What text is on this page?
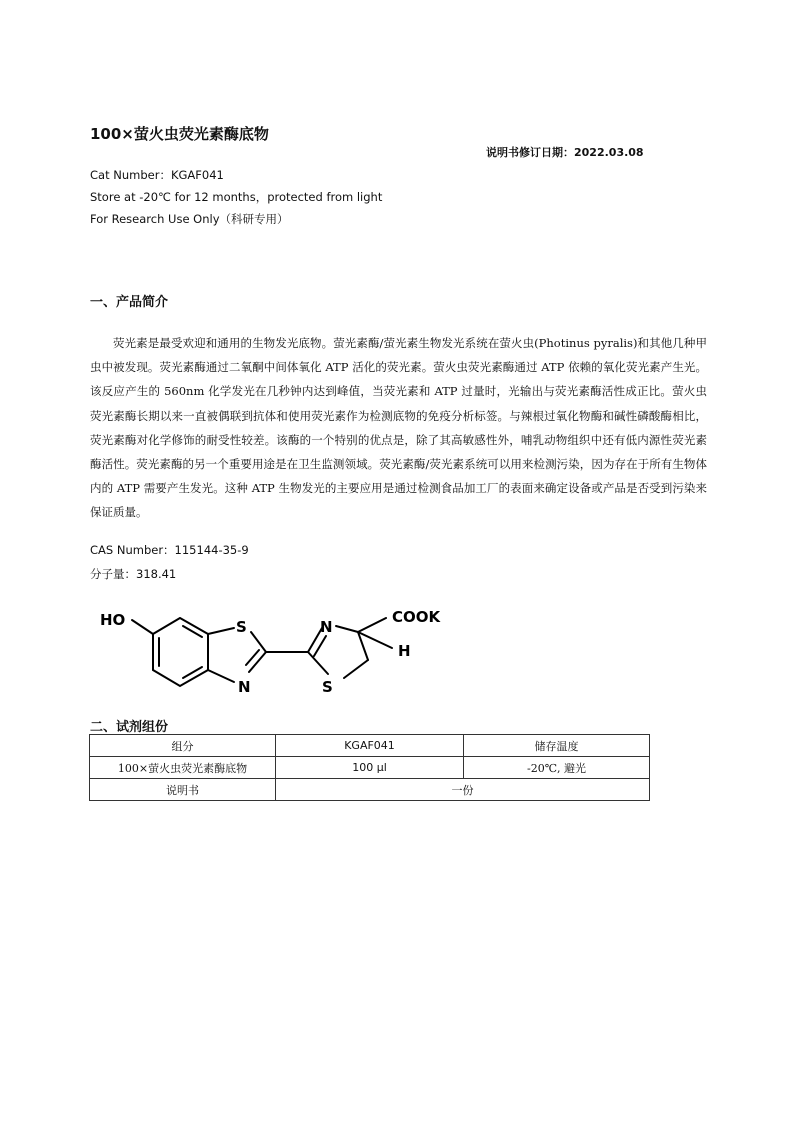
100×萤火虫荧光素酶底物
说明书修订日期：2022.03.08
Cat Number：KGAF041
Store at -20℃ for 12 months，protected from light
For Research Use Only（科研专用）
一、产品简介

荧光素是最受欢迎和通用的生物发光底物。萤光素酶/萤光素生物发光系统在萤火虫(Photinus pyralis)和其他几种甲虫中被发现。荧光素酶通过二氧酮中间体氧化 ATP 活化的荧光素。萤火虫荧光素酶通过 ATP 依赖的氧化荧光素产生光。该反应产生的 560nm 化学发光在几秒钟内达到峰值，当荧光素和 ATP 过量时，光输出与荧光素酶活性成正比。萤火虫荧光素酶长期以来一直被偶联到抗体和使用荧光素作为检测底物的免疫分析标签。与辣根过氧化物酶和碱性磷酸酶相比，荧光素酶对化学修饰的耐受性较差。该酶的一个特别的优点是，除了其高敏感性外，哺乳动物组织中还有低内源性荧光素酶活性。荧光素酶的另一个重要用途是在卫生监测领域。荧光素酶/荧光素系统可以用来检测污染，因为存在于所有生物体内的 ATP 需要产生发光。这种 ATP 生物发光的主要应用是通过检测食品加工厂的表面来确定设备或产品是否受到污染来保证质量。

CAS Number：115144-35-9
分子量：318.41
HO	S
N
N
S
COOK
H
二、试剂组份
组分	KGAF041	储存温度
100×萤火虫荧光素酶底物	100 μl	-20℃, 避光
说明书	一份	
